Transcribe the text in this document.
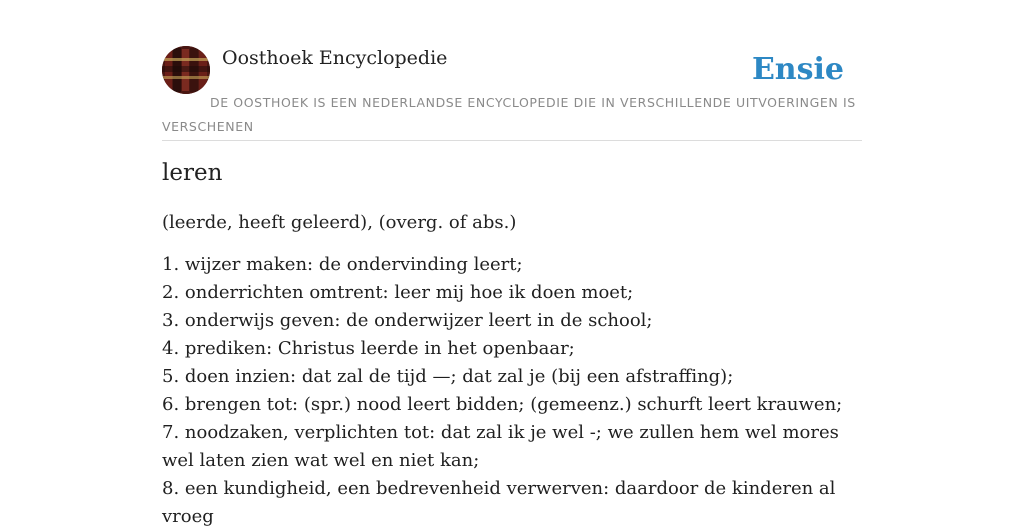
Oosthoek Encyclopedie	Ensie
DE OOSTHOEK IS EEN NEDERLANDSE ENCYCLOPEDIE DIE IN VERSCHILLENDE UITVOERINGEN IS VERSCHENEN
leren

(leerde, heeft geleerd), (overg. of abs.)

1. wijzer maken: de ondervinding leert;
2. onderrichten omtrent: leer mij hoe ik doen moet;
3. onderwijs geven: de onderwijzer leert in de school;
4. prediken: Christus leerde in het openbaar;
5. doen inzien: dat zal de tijd —; dat zal je (bij een afstraffing);
6. brengen tot: (spr.) nood leert bidden; (gemeenz.) schurft leert krauwen;
7. noodzaken, verplichten tot: dat zal ik je wel -; we zullen hem wel mores wel laten zien wat wel en niet kan;
8. een kundigheid, een bedrevenheid verwerven: daardoor de kinderen al vroeg
